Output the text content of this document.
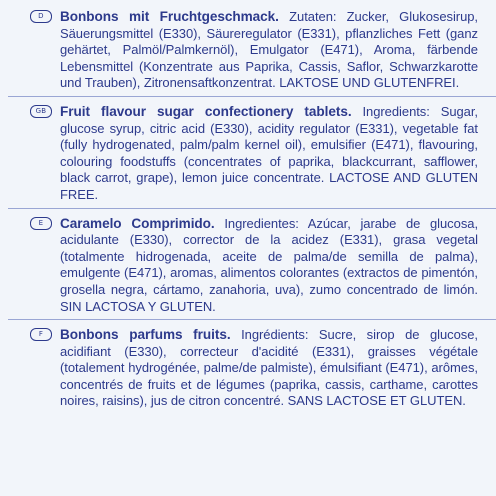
D	Bonbons mit Fruchtgeschmack. Zutaten: Zucker, Glukosesirup, Säuerungsmittel (E330), Säureregulator (E331), pflanzliches Fett (ganz gehärtet, Palmöl/Palmkernöl), Emulgator (E471), Aroma, färbende Lebensmittel (Konzentrate aus Paprika, Cassis, Saflor, Schwarzkarotte und Trauben), Zitronensaftkonzentrat. LAKTOSE UND GLUTENFREI.
GB Fruit flavour sugar confectionery tablets. Ingredients: Sugar, glucose syrup, citric acid (E330), acidity regulator (E331), vegetable fat (fully hydrogenated, palm/palm kernel oil), emulsifier (E471), flavouring, colouring foodstuffs (concentrates of paprika, blackcurrant, safflower, black carrot, grape), lemon juice concentrate. LACTOSE AND GLUTEN FREE.
E	Caramelo Comprimido. Ingredientes: Azúcar, jarabe de glucosa, acidulante (E330), corrector de la acidez (E331), grasa vegetal (totalmente hidrogenada, aceite de palma/de semilla de palma), emulgente (E471), aromas, alimentos colorantes (extractos de pimentón, grosella negra, cártamo, zanahoria, uva), zumo concentrado de limón. SIN LACTOSA Y GLUTEN.
F	Bonbons parfums fruits. Ingrédients: Sucre, sirop de glucose, acidifiant (E330), correcteur d'acidité (E331), graisses végétale (totalement hydrogénée, palme/de palmiste), émulsifiant (E471), arômes, concentrés de fruits et de légumes (paprika, cassis, carthame, carottes noires, raisins), jus de citron concentré. SANS LACTOSE ET GLUTEN.
